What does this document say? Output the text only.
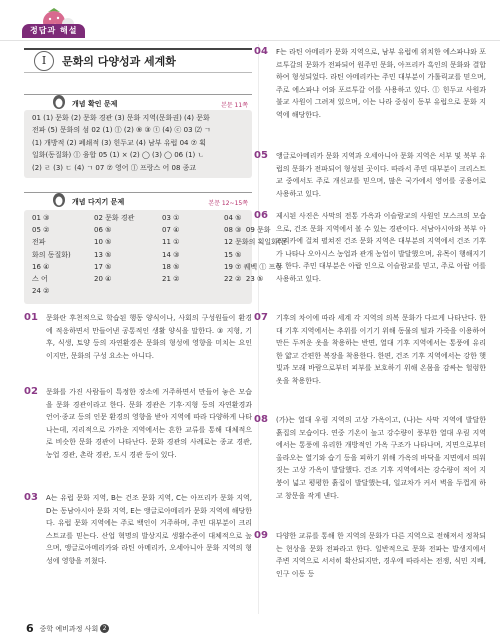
정답과 해설
I	문화의 다양성과 세계화
개념 확인 문제	본문 11쪽
01 (1) 문화 (2) 문화 경관 (3) 문화 지역(문화권) (4) 문화
전파 (5) 문화의 섬 02 (1) ⓛ (2) ⑨ ③ ⓣ (4) ⓒ 03 ⑵ ㄱ
(1) 개방적 (2) 폐쇄적 (3) 힌두교 (4) 남부 유럽 04 ⑦ 획
일화(동질화) ⓛ 융합 05 (1) × (2) ◯ (3) ◯ 06 (1) ㄴ
(2) ㄹ (3) ㄷ (4) ㄱ 07 ⑦ 영어 ⓛ 프랑스 어 08 종교
개념 다지기 문제	본문 12~15쪽
01 ③	02 문화 경관	03 ①	04 ⑤
05 ②	06 ⑤	07 ④	08 ③ 09 문화
전파	10 ⑤	11 ①	12 문화의 획일화(문
화의 동질화)	13 ⑤	14 ③	15 ⑤
16 ④	17 ⑤	18 ⑤	19 ⑦ 퀘벡 ⓛ 프랑
스 어	20 ④	21 ②	22 ② 23 ⑤
24 ②
01 문화란 후천적으로 학습된 행동 양식이나, 사회의 구성원들이 환경에 적응하면서 만들어낸 공통적인 생활 양식을 말한다. ③ 지형, 기후, 식생, 토양 등의 자연환경은 문화의 형성에 영향을 미치는 요인이지만, 문화의 구성 요소는 아니다.
02 문화를 가진 사람들이 특정한 장소에 거주하면서 만들어 놓은 모습을 문화 경관이라고 한다. 문화 경관은 기후·지형 등의 자연환경과 언어·종교 등의 인문 환경의 영향을 받아 지역에 따라 다양하게 나타나는데, 지리적으로 가까운 지역에서는 흔한 교류를 통해 대체적으로 비슷한 문화 경관이 나타난다. 문화 경관의 사례로는 종교 경관, 농업 경관, 촌락 경관, 도시 경관 등이 있다.
03 A는 유럽 문화 지역, B는 건조 문화 지역, C는 아프리카 문화 지역, D는 동남아시아 문화 지역, E는 앵글로아메리카 문화 지역에 해당한다. 유럽 문화 지역에는 주로 백인이 거주하며, 주민 대부분이 크리스트교를 믿는다. 산업 혁명의 발상지로 생활수준이 대체적으로 높으며, 앵글로아메리카와 라틴 아메리카, 오세아니아 문화 지역의 형성에 영향을 끼쳤다.
04 F는 라틴 아메리카 문화 지역으로, 남부 유럽에 위치한 에스파냐와 포르투갈의 문화가 전파되어 원주민 문화, 아프리카 흑인의 문화와 결합하여 형성되었다. 라틴 아메리카는 주민 대부분이 가톨릭교를 믿으며, 주로 에스파냐 어와 포르투갈 어를 사용하고 있다. ⓛ 힌두교 사원과 불교 사원이 그려져 있으며, 이는 나라 중심이 동부 유럽으로 문화 지역에 해당한다.
05 앵글로아메리카 문화 지역과 오세아니아 문화 지역은 서부 및 북부 유럽의 문화가 전파되어 형성된 곳이다. 따라서 주민 대부분이 크리스트교 중에서도 주로 개신교를 믿으며, 많은 국가에서 영어를 공용어로 사용하고 있다.
06 제시된 사진은 사막의 전통 가옥과 이슬람교의 사원인 모스크의 모습으로, 건조 문화 지역에서 볼 수 있는 경관이다. 서남아시아와 북부 아프리카에 걸쳐 펼쳐진 건조 문화 지역은 대부분의 지역에서 건조 기후가 나타나 오아시스 농업과 관개 농업이 발달했으며, 유목이 행해지기도 한다. 주민 대부분은 아랍 인으로 이슬람교를 믿고, 주로 아랍 어를 사용하고 있다.
07 기후의 차이에 따라 세계 각 지역의 의복 문화가 다르게 나타난다. 한대 기후 지역에서는 추위를 이기기 위해 동물의 털과 가죽을 이용하여 만든 두꺼운 옷을 착용하는 반면, 열대 기후 지역에서는 통풍에 유리한 얇고 간편한 복장을 착용한다. 한편, 건조 기후 지역에서는 강한 햇빛과 모래 바람으로부터 피부를 보호하기 위해 온몸을 감싸는 헐렁한 옷을 착용한다.
08 (가)는 열대 우림 지역의 고상 가옥이고, (나)는 사막 지역에 발달한 흙집의 모습이다. 연중 기온이 높고 강수량이 풍부한 열대 우림 지역에서는 통풍에 유리한 개방적인 가옥 구조가 나타나며, 지면으로부터 올라오는 열기와 습기 등을 피하기 위해 가옥의 바닥을 지면에서 띄워 짓는 고상 가옥이 발달했다. 건조 기후 지역에서는 강수량이 적어 지붕이 넓고 평평한 흙집이 발달했는데, 일교차가 커서 벽을 두껍게 하고 창문을 작게 낸다.
09 다양한 교류를 통해 한 지역의 문화가 다른 지역으로 전해져서 정착되는 현상을 문화 전파라고 한다. 일반적으로 문화 전파는 발생지에서 주변 지역으로 서서히 확산되지만, 경우에 따라서는 전쟁, 식민 지배, 인구 이동 등
6 중학 예비과정 사회 2
